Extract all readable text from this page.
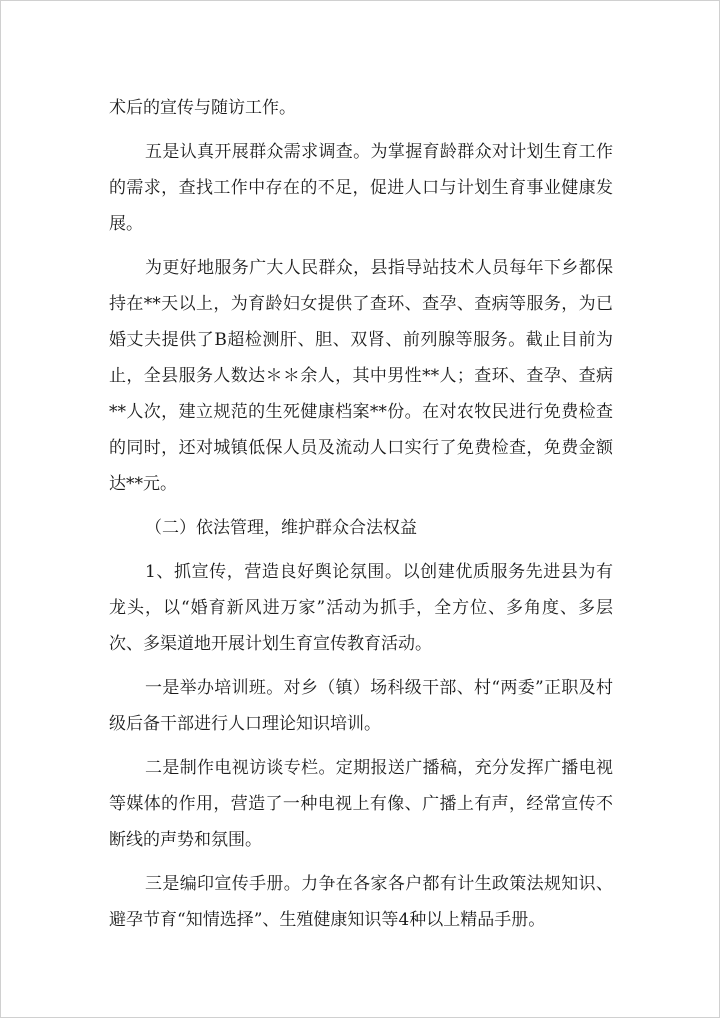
术后的宣传与随访工作。

五是认真开展群众需求调查。为掌握育龄群众对计划生育工作的需求，查找工作中存在的不足，促进人口与计划生育事业健康发展。

为更好地服务广大人民群众，县指导站技术人员每年下乡都保持在**天以上，为育龄妇女提供了查环、查孕、查病等服务，为已婚丈夫提供了B超检测肝、胆、双肾、前列腺等服务。截止目前为止，全县服务人数达＊＊余人，其中男性**人；查环、查孕、查病**人次，建立规范的生死健康档案**份。在对农牧民进行免费检查的同时，还对城镇低保人员及流动人口实行了免费检查，免费金额达**元。

（二）依法管理，维护群众合法权益

1、抓宣传，营造良好舆论氛围。以创建优质服务先进县为有龙头，以“婚育新风进万家”活动为抓手，全方位、多角度、多层次、多渠道地开展计划生育宣传教育活动。

一是举办培训班。对乡（镇）场科级干部、村“两委”正职及村级后备干部进行人口理论知识培训。

二是制作电视访谈专栏。定期报送广播稿，充分发挥广播电视等媒体的作用，营造了一种电视上有像、广播上有声，经常宣传不断线的声势和氛围。

三是编印宣传手册。力争在各家各户都有计生政策法规知识、避孕节育“知情选择”、生殖健康知识等4种以上精品手册。
